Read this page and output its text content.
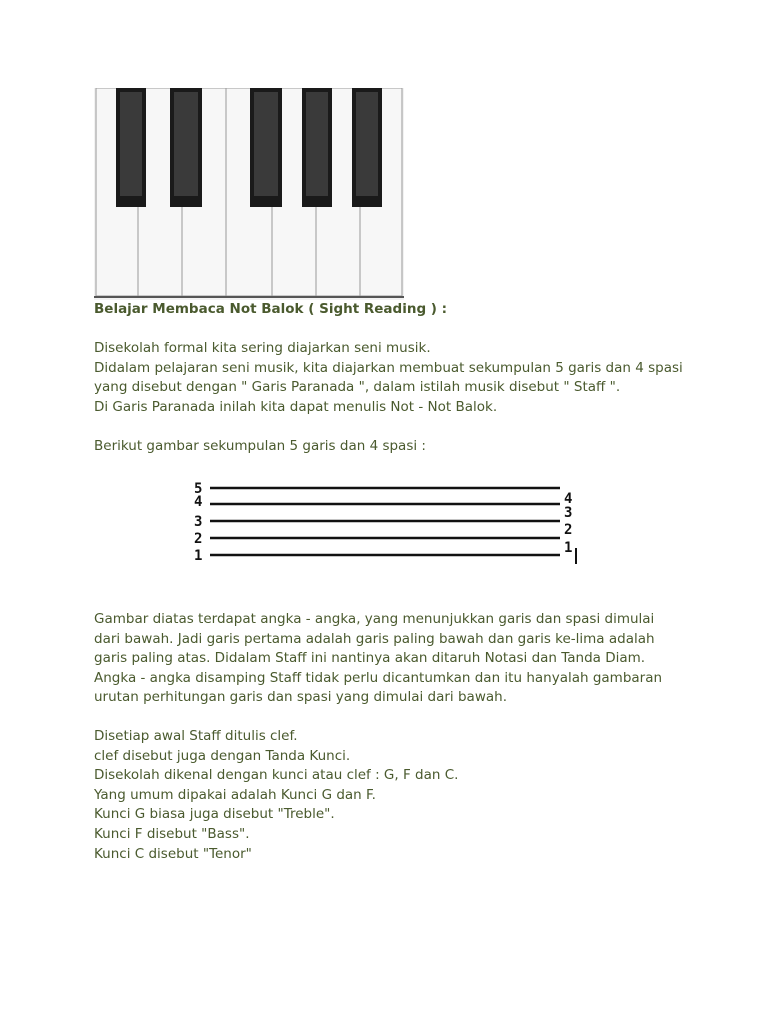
Belajar Membaca Not Balok ( Sight Reading ) :

Disekolah formal kita sering diajarkan seni musik.
Didalam pelajaran seni musik, kita diajarkan membuat sekumpulan 5 garis dan 4 spasi yang disebut dengan " Garis Paranada ", dalam istilah musik disebut " Staff ".
Di Garis Paranada inilah kita dapat menulis Not - Not Balok.

Berikut gambar sekumpulan 5 garis dan 4 spasi :

5
4
3
2
1
4
3
2
1

Gambar diatas terdapat angka - angka, yang menunjukkan garis dan spasi dimulai dari bawah. Jadi garis pertama adalah garis paling bawah dan garis ke-lima adalah garis paling atas. Didalam Staff ini nantinya akan ditaruh Notasi dan Tanda Diam. Angka - angka disamping Staff tidak perlu dicantumkan dan itu hanyalah gambaran urutan perhitungan garis dan spasi yang dimulai dari bawah.

Disetiap awal Staff ditulis clef.
clef disebut juga dengan Tanda Kunci.
Disekolah dikenal dengan kunci atau clef : G, F dan C.
Yang umum dipakai adalah Kunci G dan F.
Kunci G biasa juga disebut "Treble".
Kunci F disebut "Bass".
Kunci C disebut "Tenor"
